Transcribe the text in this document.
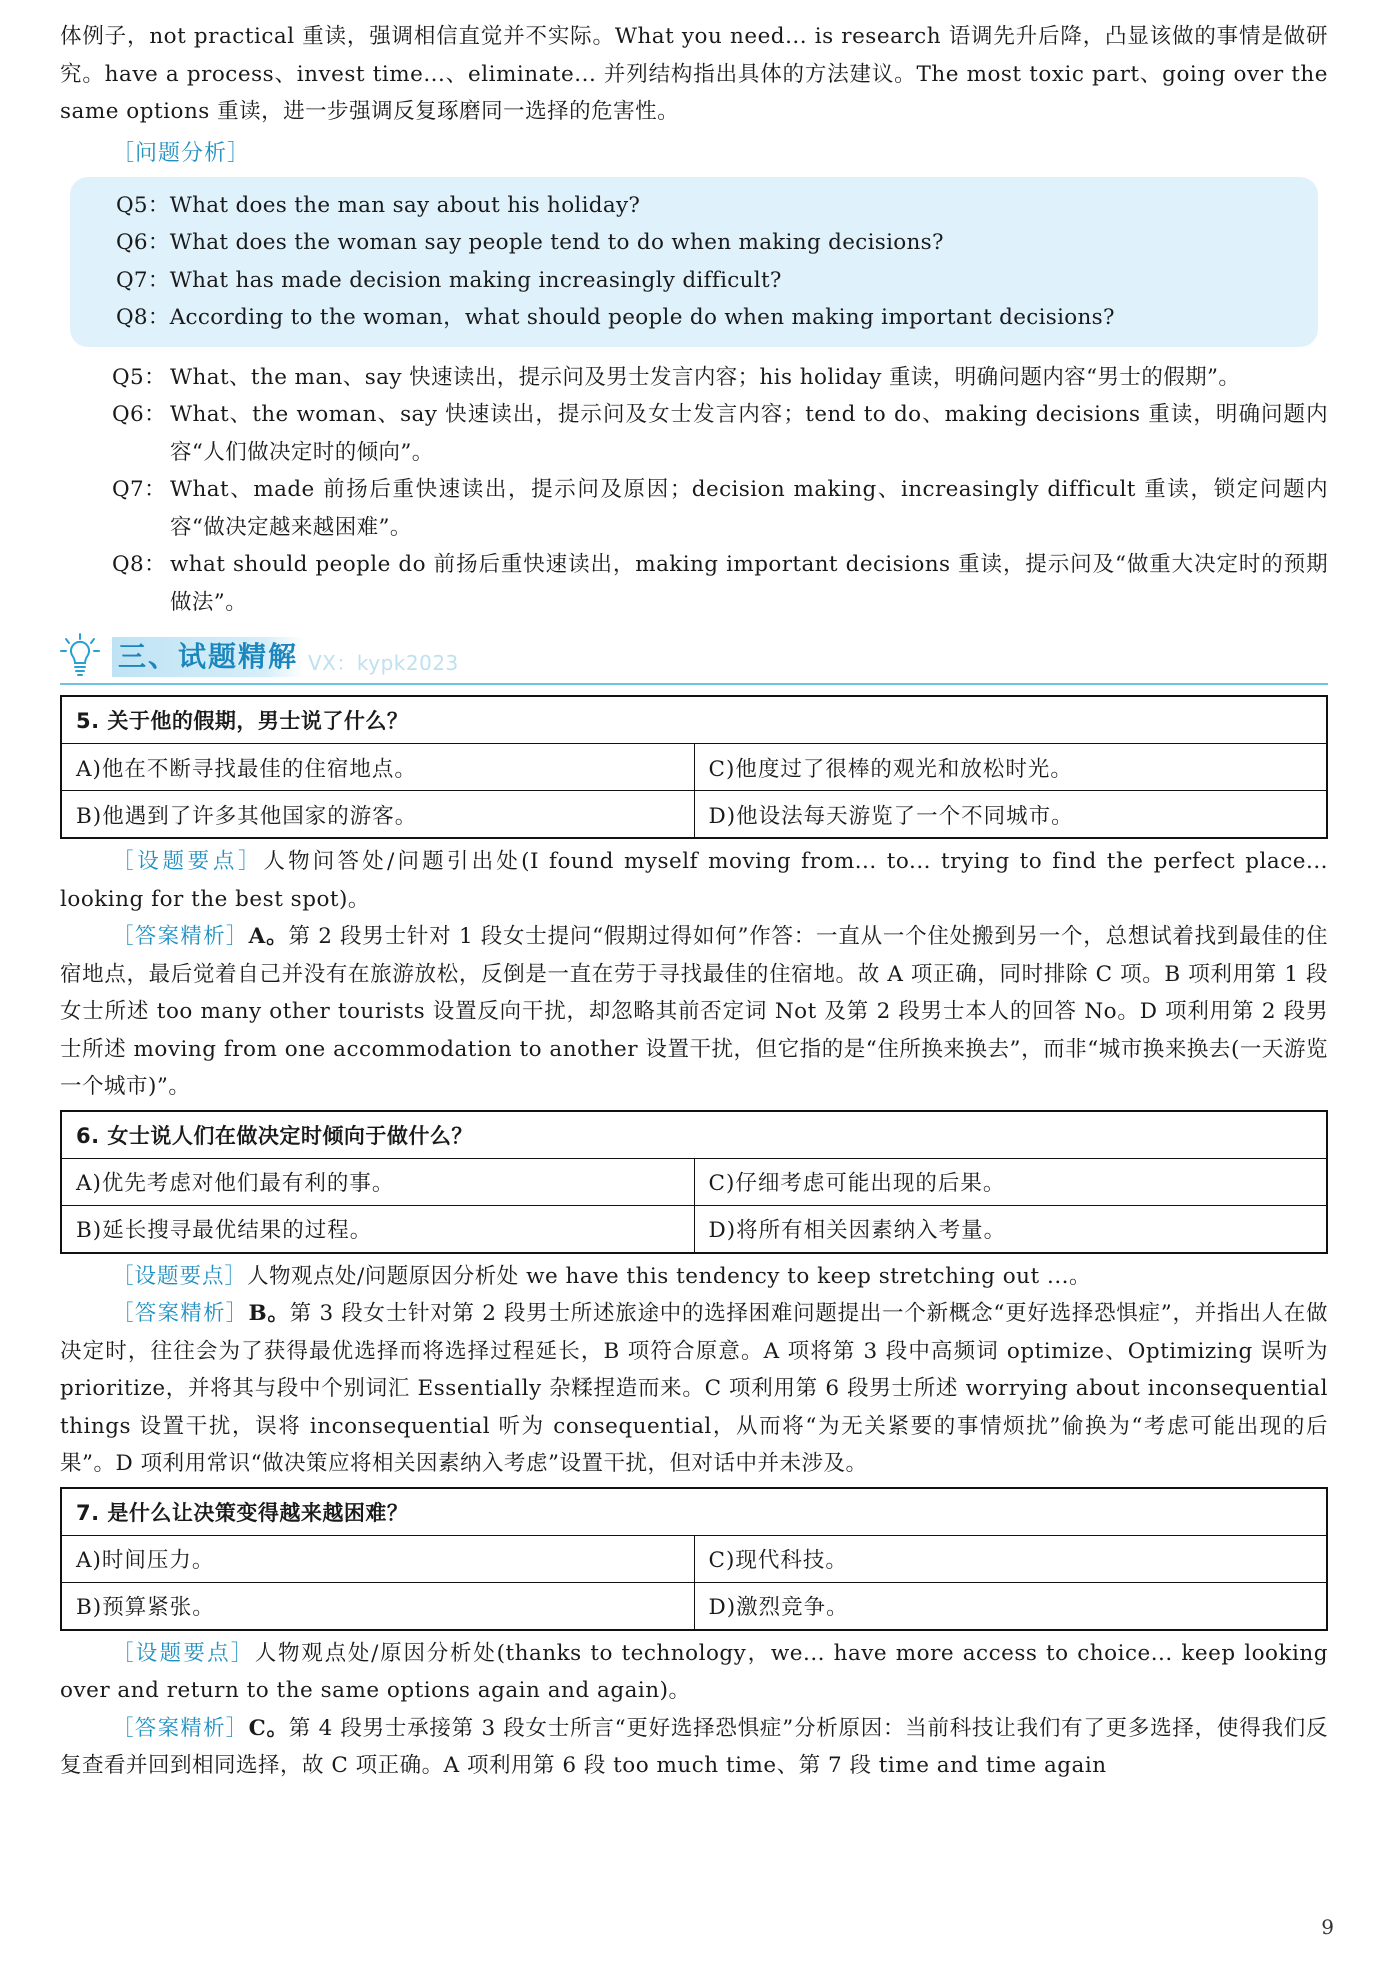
体例子，not practical 重读，强调相信直觉并不实际。What you need... is research 语调先升后降，凸显该做的事情是做研究。have a process、invest time...、eliminate... 并列结构指出具体的方法建议。The most toxic part、going over the same options 重读，进一步强调反复琢磨同一选择的危害性。

［问题分析］
Q5：What does the man say about his holiday?
Q6：What does the woman say people tend to do when making decisions?
Q7：What has made decision making increasingly difficult?
Q8：According to the woman，what should people do when making important decisions?
Q5： What、the man、say 快速读出，提示问及男士发言内容；his holiday 重读，明确问题内容“男士的假期”。
Q6： What、the woman、say 快速读出，提示问及女士发言内容；tend to do、making decisions 重读，明确问题内容“人们做决定时的倾向”。
Q7： What、made 前扬后重快速读出，提示问及原因；decision making、increasingly difficult 重读，锁定问题内容“做决定越来越困难”。
Q8： what should people do 前扬后重快速读出，making important decisions 重读，提示问及“做重大决定时的预期做法”。
三、试题精解 VX：kypk2023
5. 关于他的假期，男士说了什么？	
A)他在不断寻找最佳的住宿地点。	C)他度过了很棒的观光和放松时光。
B)他遇到了许多其他国家的游客。	D)他设法每天游览了一个不同城市。

［设题要点］人物问答处/问题引出处(I found myself moving from... to... trying to find the perfect place... looking for the best spot)。

［答案精析］A。第 2 段男士针对 1 段女士提问“假期过得如何”作答：一直从一个住处搬到另一个，总想试着找到最佳的住宿地点，最后觉着自己并没有在旅游放松，反倒是一直在劳于寻找最佳的住宿地。故 A 项正确，同时排除 C 项。B 项利用第 1 段女士所述 too many other tourists 设置反向干扰，却忽略其前否定词 Not 及第 2 段男士本人的回答 No。D 项利用第 2 段男士所述 moving from one accommodation to another 设置干扰，但它指的是“住所换来换去”，而非“城市换来换去(一天游览一个城市)”。

6. 女士说人们在做决定时倾向于做什么？	
A)优先考虑对他们最有利的事。	C)仔细考虑可能出现的后果。
B)延长搜寻最优结果的过程。	D)将所有相关因素纳入考量。

［设题要点］人物观点处/问题原因分析处 we have this tendency to keep stretching out ...。

［答案精析］B。第 3 段女士针对第 2 段男士所述旅途中的选择困难问题提出一个新概念“更好选择恐惧症”，并指出人在做决定时，往往会为了获得最优选择而将选择过程延长，B 项符合原意。A 项将第 3 段中高频词 optimize、Optimizing 误听为 prioritize，并将其与段中个别词汇 Essentially 杂糅捏造而来。C 项利用第 6 段男士所述 worrying about inconsequential things 设置干扰，误将 inconsequential 听为 consequential，从而将“为无关紧要的事情烦扰”偷换为“考虑可能出现的后果”。D 项利用常识“做决策应将相关因素纳入考虑”设置干扰，但对话中并未涉及。

7. 是什么让决策变得越来越困难？	
A)时间压力。	C)现代科技。
B)预算紧张。	D)激烈竞争。

［设题要点］人物观点处/原因分析处(thanks to technology，we... have more access to choice... keep looking over and return to the same options again and again)。

［答案精析］C。第 4 段男士承接第 3 段女士所言“更好选择恐惧症”分析原因：当前科技让我们有了更多选择，使得我们反复查看并回到相同选择，故 C 项正确。A 项利用第 6 段 too much time、第 7 段 time and time again

9
